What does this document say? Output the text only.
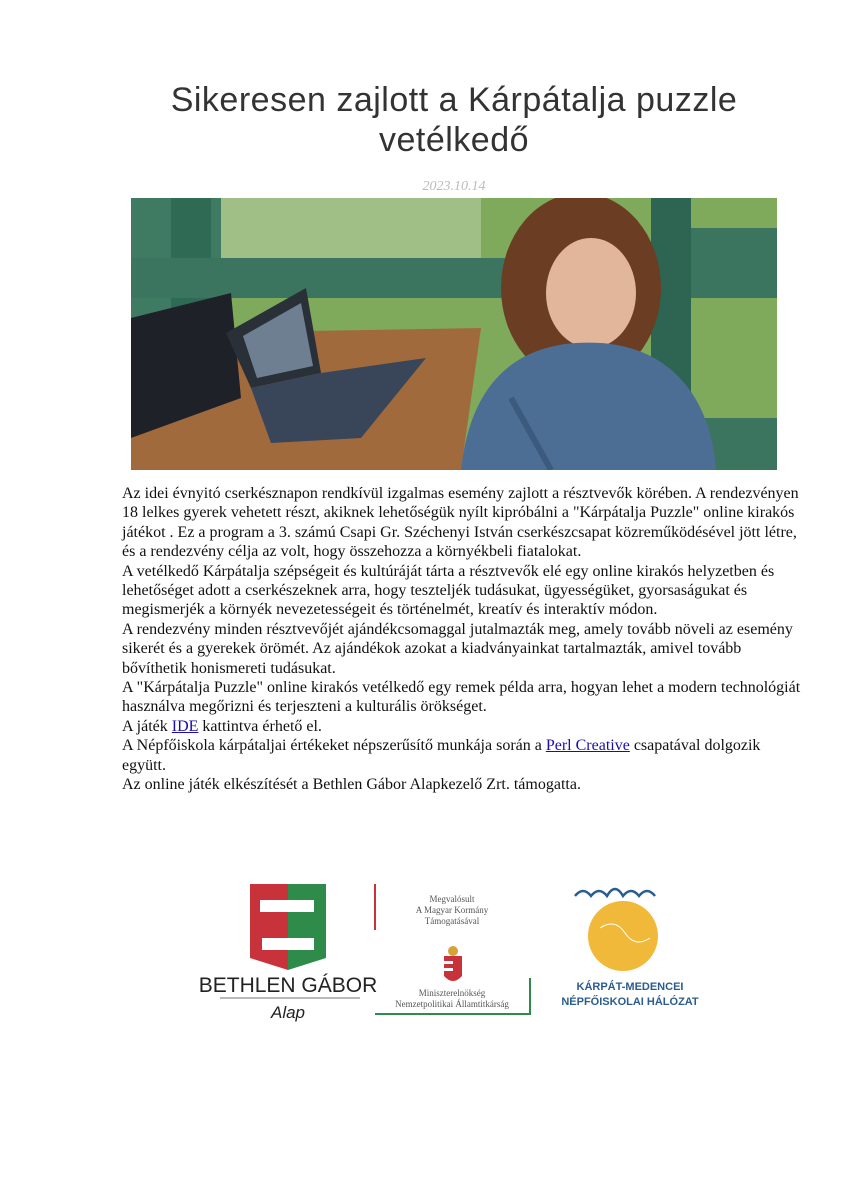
Sikeresen zajlott a Kárpátalja puzzle vetélkedő
2023.10.14

Az idei évnyitó cserkésznapon rendkívül izgalmas esemény zajlott a résztvevők körében. A rendezvényen 18 lelkes gyerek vehetett részt, akiknek lehetőségük nyílt kipróbálni a "Kárpátalja Puzzle" online kirakós játékot . Ez a program a 3. számú Csapi Gr. Széchenyi István cserkészcsapat közreműködésével jött létre, és a rendezvény célja az volt, hogy összehozza a környékbeli fiatalokat.

A vetélkedő Kárpátalja szépségeit és kultúráját tárta a résztvevők elé egy online kirakós helyzetben és lehetőséget adott a cserkészeknek arra, hogy teszteljék tudásukat, ügyességüket, gyorsaságukat és megismerjék a környék nevezetességeit és történelmét, kreatív és interaktív módon.

A rendezvény minden résztvevőjét ajándékcsomaggal jutalmazták meg, amely tovább növeli az esemény sikerét és a gyerekek örömét. Az ajándékok azokat a kiadványainkat tartalmazták, amivel tovább bővíthetik honismereti tudásukat.

A "Kárpátalja Puzzle" online kirakós vetélkedő egy remek példa arra, hogyan lehet a modern technológiát használva megőrizni és terjeszteni a kulturális örökséget.

A játék IDE kattintva érhető el.

A Népfőiskola kárpátaljai értékeket népszerűsítő munkája során a Perl Creative csapatával dolgozik együtt.

Az online játék elkészítését a Bethlen Gábor Alapkezelő Zrt. támogatta.

BETHLEN GÁBOR
Alap
Megvalósult
A Magyar Kormány
Támogatásával
Miniszterelnökség
Nemzetpolitikai Államtitkárság
KÁRPÁT-MEDENCEI
NÉPFŐISKOLAI HÁLÓZAT
